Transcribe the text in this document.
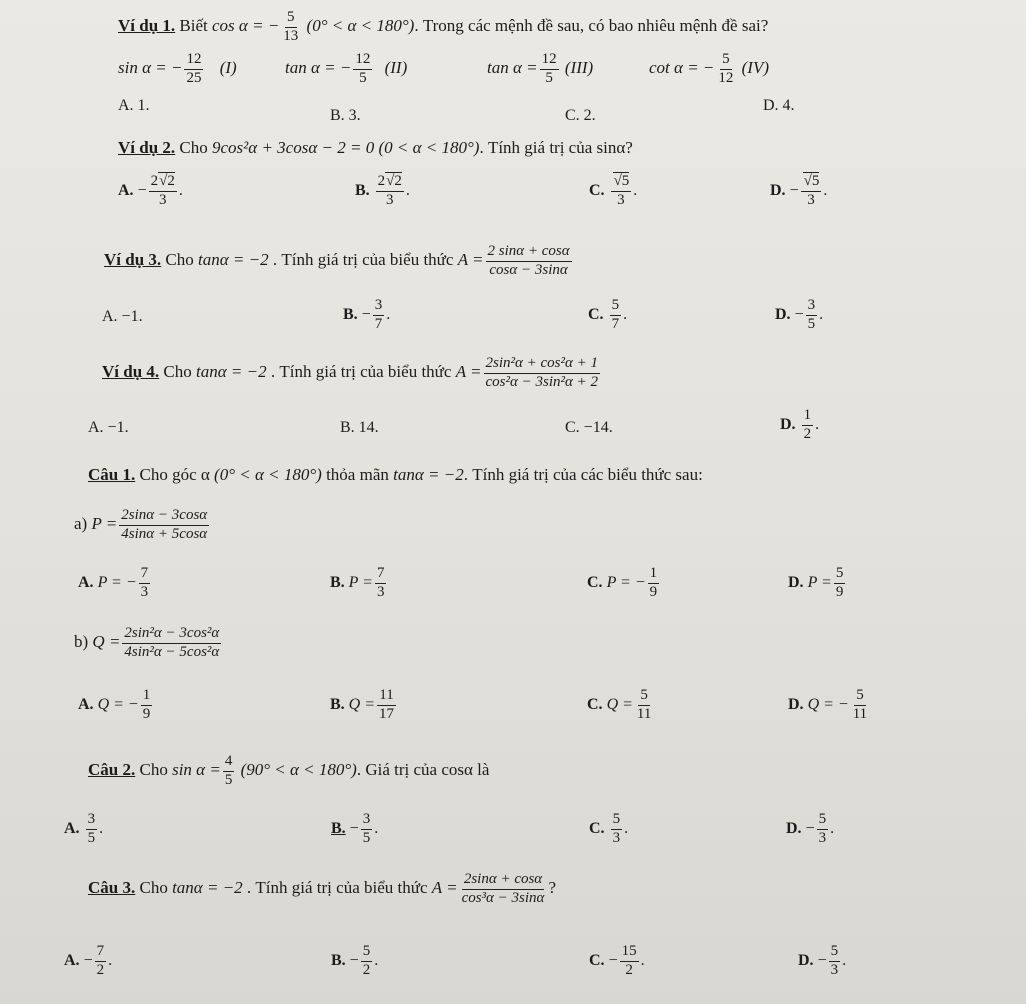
Ví dụ 1. Biết cos α = − $\frac{5}{13} (0^\circ < \alpha < 180^\circ)$. Trong các mệnh đề sau, có bao nhiêu mệnh đề sai?
sin α = − $\frac{12}{25} (I)$	tan α = − $\frac{12}{5} (II)$	$\tan \alpha = \frac{12}{5} (III)$	cot α = − $\frac{5}{12} (IV)$
A. 1.
B. 3.	C. 2.
D. 4.
Ví dụ 2. Cho 9cos²α + 3cosα − 2 = 0 (0 < α < 180°). Tính giá trị của sinα?
A. − $\frac{2√2}{3}$ .	B. $\frac{2√2}{3}$ .	C. $\frac{√5}{3}$ .	D. − $\frac{√5}{3}$ .
Ví dụ 3. Cho tanα = −2 . Tính giá trị của biểu thức $A = \frac{2 \sin\alpha + \cos\alpha}{\cos\alpha - 3\sin\alpha}$
A. −1.	B. − $\frac{3}{7}$ .	C. $\frac{5}{7}$ .	D. − $\frac{3}{5}$ .
Ví dụ 4. Cho tanα = −2 . Tính giá trị của biểu thức $A = \frac{\text{2sin²α + cos²α + 1}}{\text{cos²α − 3sin²α + 2}}$
A. −1.	B. 14.	C. −14.	D. $\frac{1}{2}$ .
Câu 1. Cho góc α (0° < α < 180°) thỏa mãn tanα = −2. Tính giá trị của các biểu thức sau:
a) $P = \frac{2\sin\alpha - 3\cos\alpha}{4\sin\alpha + 5\cos\alpha}$
A. P = − $\frac{7}{3}$	B. $P = \frac{7}{3}$	C. P = − $\frac{1}{9}$	D. $P = \frac{5}{9}$
b) $Q = \frac{\text{2sin²α − 3cos²α}}{\text{4sin²α − 5cos²α}}$
A. Q = − $\frac{1}{9}$	B. $Q = \frac{11}{17}$	C. $Q = \frac{5}{11}$	D. Q = − $\frac{5}{11}$
Câu 2. Cho $\sin \alpha = \frac{4}{5} (90^\circ < \alpha < 180^\circ)$. Giá trị của cosα là
A. $\frac{3}{5}$ .	B. − $\frac{3}{5}$ .	C. $\frac{5}{3}$ .	D. − $\frac{5}{3}$ .
Câu 3. Cho tanα = −2 . Tính giá trị của biểu thức $A = \frac{2\sin\alpha + \cos\alpha}{\text{cos³α − 3sinα}}$ ?
A. − $\frac{7}{2}$ .	B. − $\frac{5}{2}$ .	C. − $\frac{15}{2}$ .	D. − $\frac{5}{3}$ .
